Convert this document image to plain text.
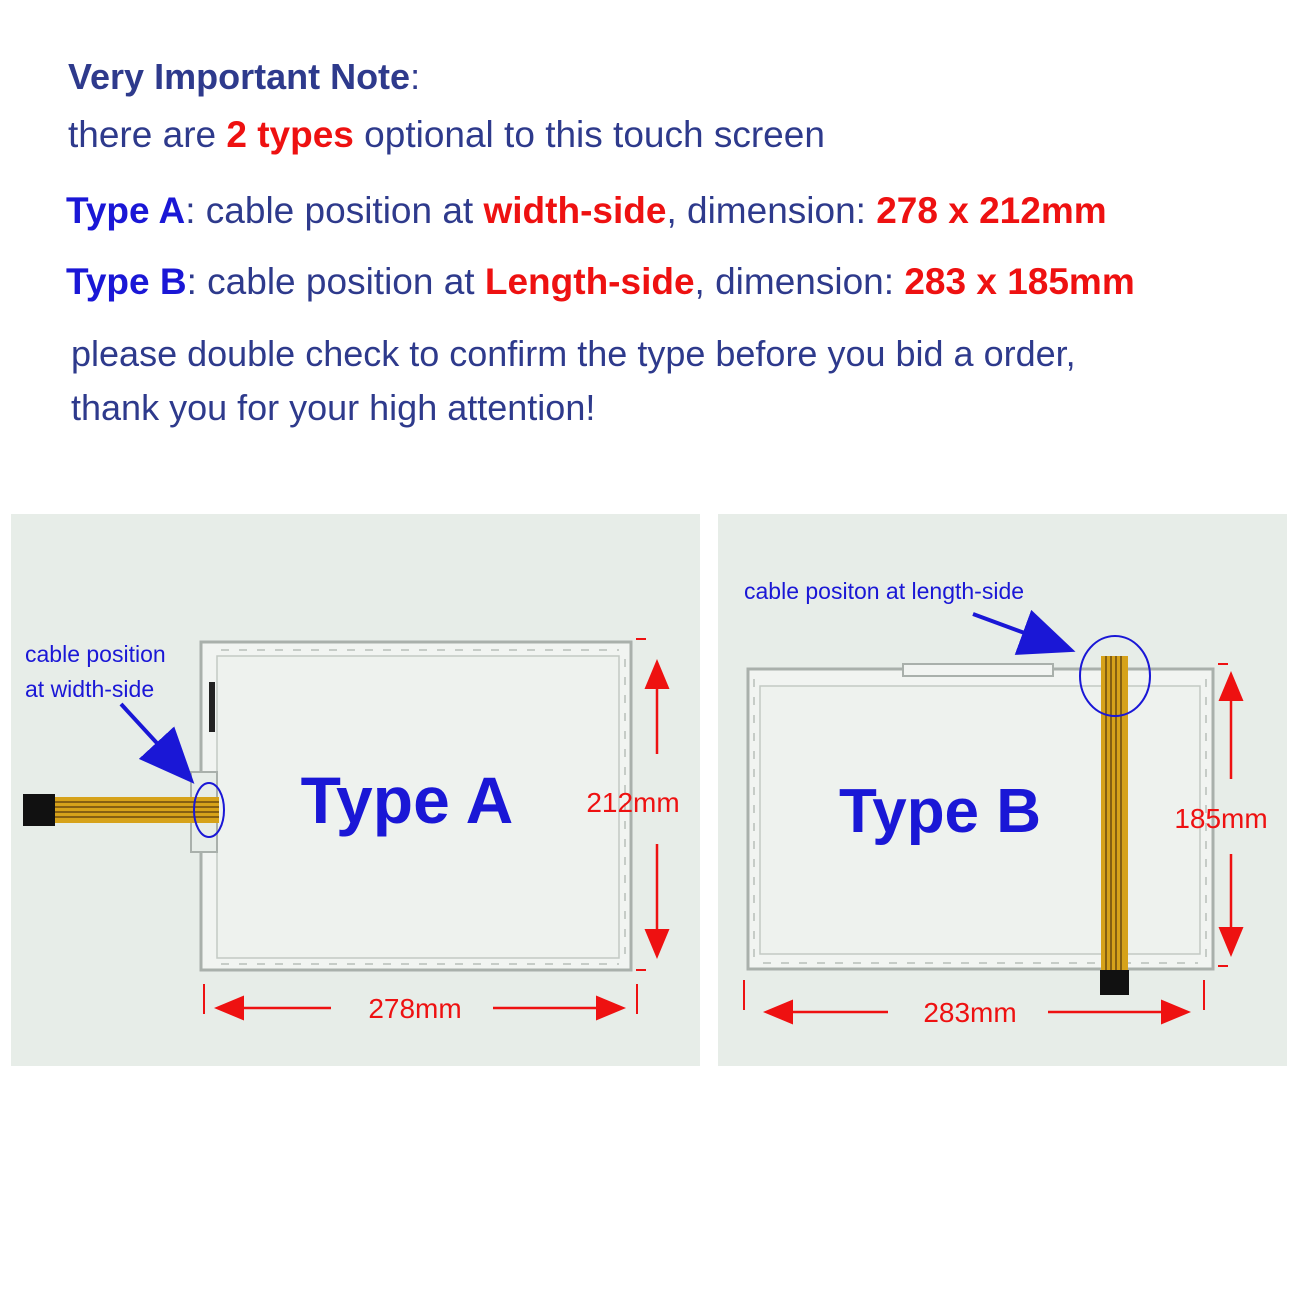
Very Important Note:
there are 2 types optional to this touch screen
Type A: cable position at width-side, dimension: 278 x 212mm
Type B: cable position at Length-side, dimension: 283 x 185mm
please double check to confirm the type before you bid a order,
thank you for your high attention!
cable position
at width-side
Type A	212mm
278mm
cable positon at length-side
Type B	185mm
283mm
